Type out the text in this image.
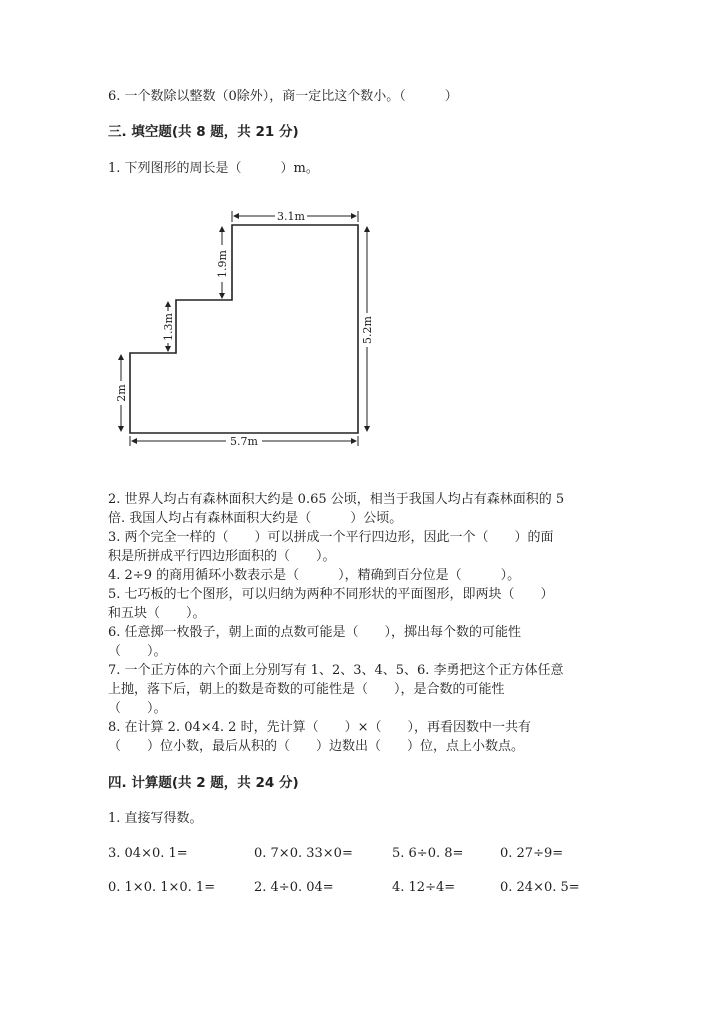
6. 一个数除以整数（0除外），商一定比这个数小。（　　　）
三. 填空题(共 8 题，共 21 分)
1. 下列图形的周长是（　　　）m。
3.1m
5.2m
5.7m
1.9m
1.3m
2m
2. 世界人均占有森林面积大约是 0.65 公顷，相当于我国人均占有森林面积的 5
倍. 我国人均占有森林面积大约是（　　　）公顷。
3. 两个完全一样的（　　）可以拼成一个平行四边形，因此一个（　　）的面
积是所拼成平行四边形面积的（　　）。
4. 2÷9 的商用循环小数表示是（　　　），精确到百分位是（　　　）。
5. 七巧板的七个图形，可以归纳为两种不同形状的平面图形，即两块（　　）
和五块（　　）。
6. 任意掷一枚骰子，朝上面的点数可能是（　　），掷出每个数的可能性
（　　）。
7. 一个正方体的六个面上分别写有 1、2、3、4、5、6. 李勇把这个正方体任意
上抛，落下后，朝上的数是奇数的可能性是（　　），是合数的可能性
（　　）。
8. 在计算 2. 04×4. 2 时，先计算（　　）×（　　），再看因数中一共有
（　　）位小数，最后从积的（　　）边数出（　　）位，点上小数点。
四. 计算题(共 2 题，共 24 分)
1. 直接写得数。
3. 04×0. 1=	0. 7×0. 33×0=	5. 6÷0. 8=	0. 27÷9=
0. 1×0. 1×0. 1=	2. 4÷0. 04=	4. 12÷4=	0. 24×0. 5=
